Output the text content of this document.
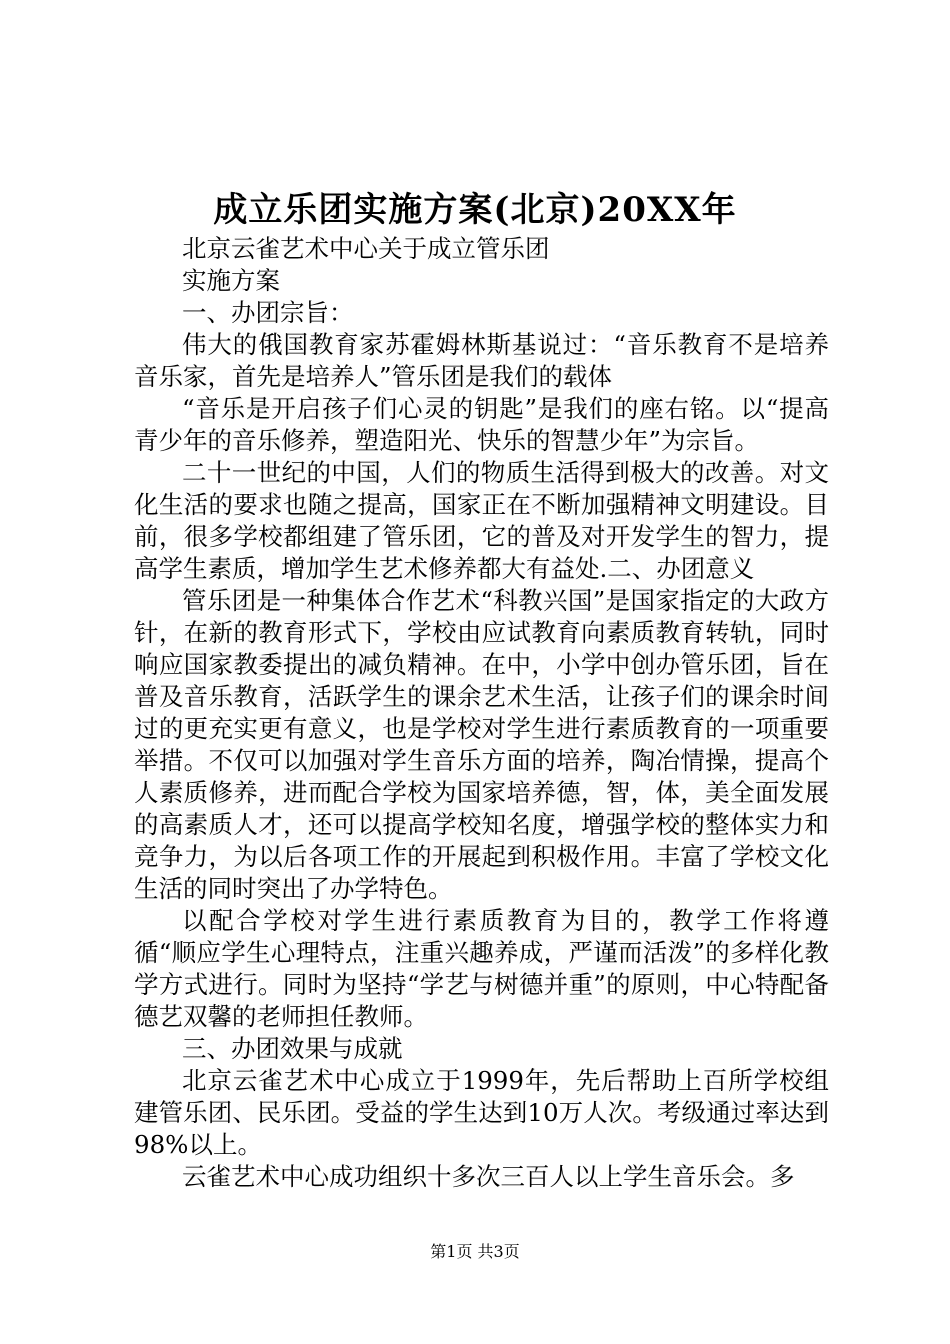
成立乐团实施方案(北京)20XX年

北京云雀艺术中心关于成立管乐团

实施方案

一、办团宗旨：

伟大的俄国教育家苏霍姆林斯基说过：“音乐教育不是培养音乐家，首先是培养人”管乐团是我们的载体

“音乐是开启孩子们心灵的钥匙”是我们的座右铭。以“提高青少年的音乐修养，塑造阳光、快乐的智慧少年”为宗旨。

二十一世纪的中国，人们的物质生活得到极大的改善。对文化生活的要求也随之提高，国家正在不断加强精神文明建设。目前，很多学校都组建了管乐团，它的普及对开发学生的智力，提高学生素质，增加学生艺术修养都大有益处.二、办团意义

管乐团是一种集体合作艺术“科教兴国”是国家指定的大政方针，在新的教育形式下，学校由应试教育向素质教育转轨，同时响应国家教委提出的减负精神。在中，小学中创办管乐团，旨在普及音乐教育，活跃学生的课余艺术生活，让孩子们的课余时间过的更充实更有意义，也是学校对学生进行素质教育的一项重要举措。不仅可以加强对学生音乐方面的培养，陶冶情操，提高个人素质修养，进而配合学校为国家培养德，智，体，美全面发展的高素质人才，还可以提高学校知名度，增强学校的整体实力和竞争力，为以后各项工作的开展起到积极作用。丰富了学校文化生活的同时突出了办学特色。

以配合学校对学生进行素质教育为目的，教学工作将遵循“顺应学生心理特点，注重兴趣养成，严谨而活泼”的多样化教学方式进行。同时为坚持“学艺与树德并重”的原则，中心特配备德艺双馨的老师担任教师。

三、办团效果与成就

北京云雀艺术中心成立于1999年，先后帮助上百所学校组建管乐团、民乐团。受益的学生达到10万人次。考级通过率达到98%以上。

云雀艺术中心成功组织十多次三百人以上学生音乐会。多

第1页 共3页
